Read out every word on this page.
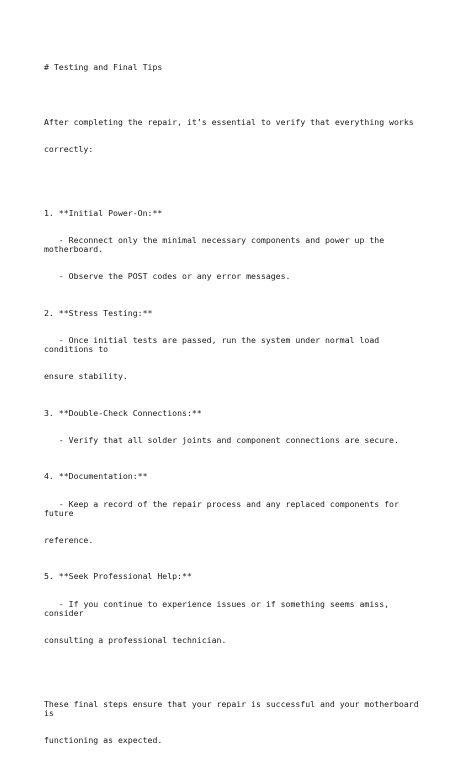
# Testing and Final Tips

After completing the repair, it’s essential to verify that everything works

correctly:

1. **Initial Power-On:**

- Reconnect only the minimal necessary components and power up the motherboard.

- Observe the POST codes or any error messages.

2. **Stress Testing:**

- Once initial tests are passed, run the system under normal load conditions to

ensure stability.

3. **Double-Check Connections:**

- Verify that all solder joints and component connections are secure.

4. **Documentation:**

- Keep a record of the repair process and any replaced components for future

reference.

5. **Seek Professional Help:**

- If you continue to experience issues or if something seems amiss, consider

consulting a professional technician.

These final steps ensure that your repair is successful and your motherboard is

functioning as expected.
